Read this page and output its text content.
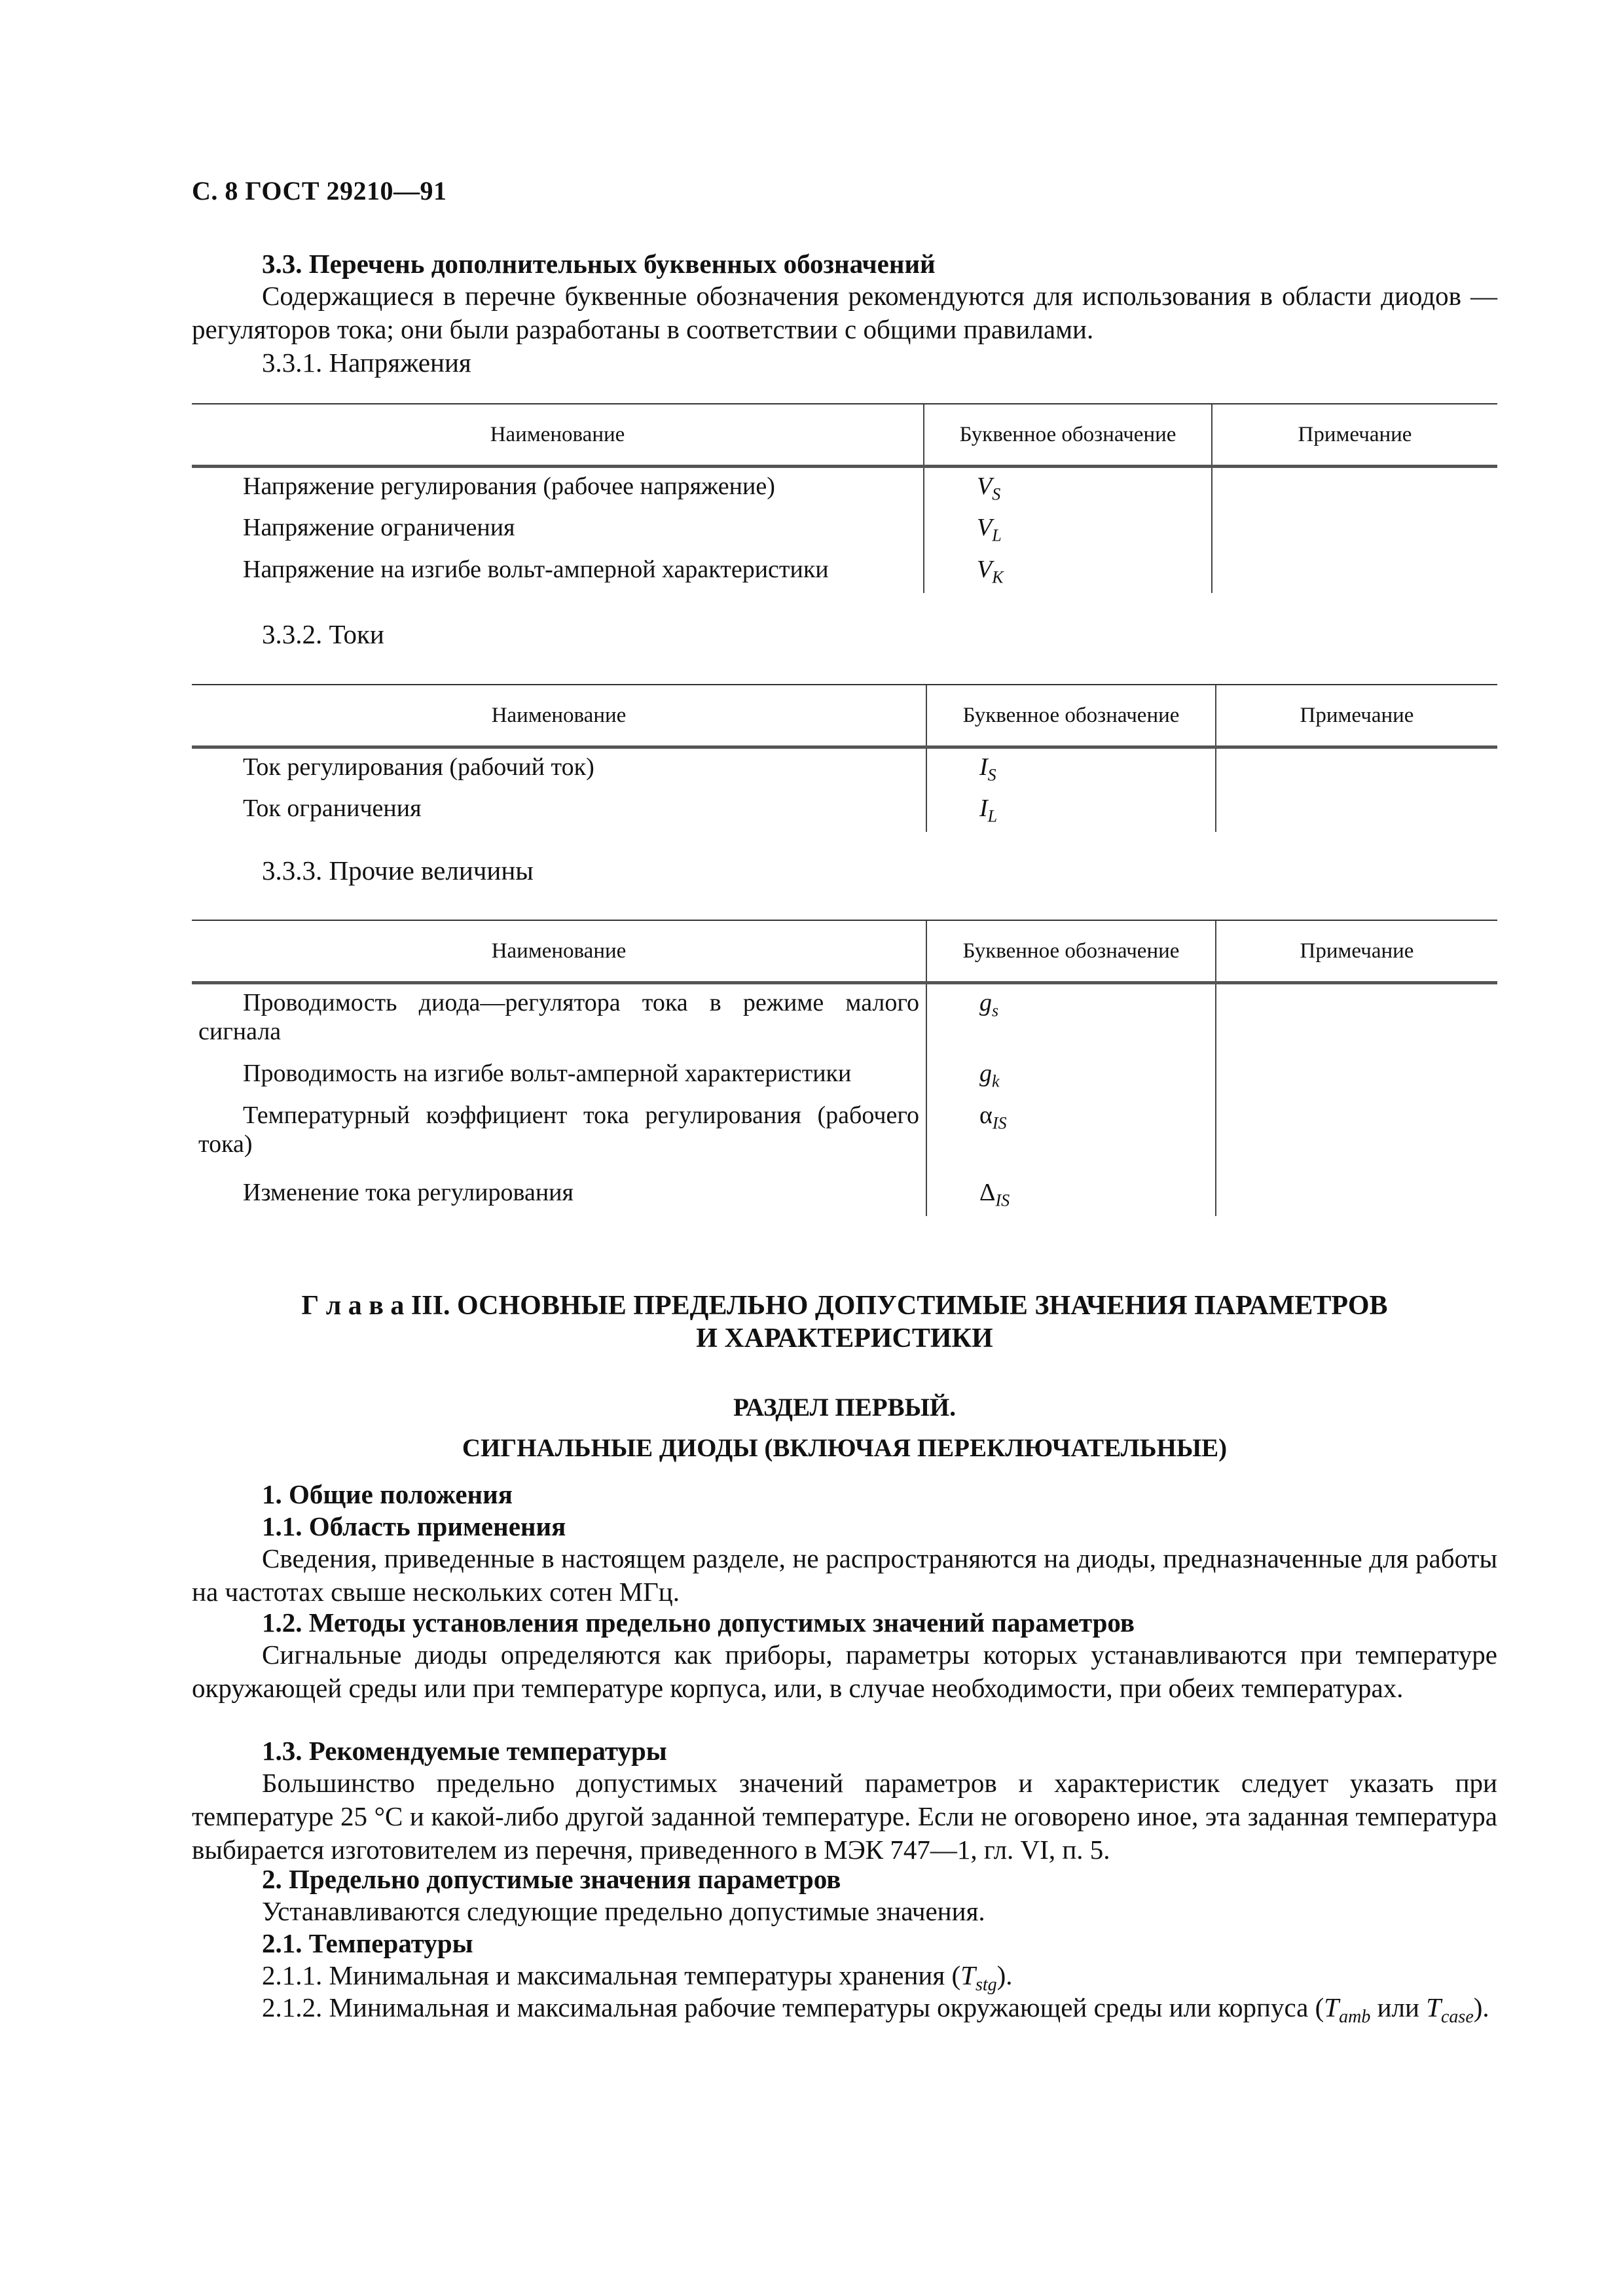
С. 8 ГОСТ 29210—91
3.3. Перечень дополнительных буквенных обозначений
Содержащиеся в перечне буквенные обозначения рекомендуются для использования в области диодов — регуляторов тока; они были разработаны в соответствии с общими правилами.
3.3.1. Напряжения
Наименование	Буквенное обозначение	Примечание
Напряжение регулирования (рабочее напряжение)	$V_S$	
Напряжение ограничения	$V_L$	
Напряжение на изгибе вольт-амперной характеристики	$V_K$	
3.3.2. Токи
Наименование	Буквенное обозначение	Примечание
Ток регулирования (рабочий ток)	$I_S$	
Ток ограничения	$I_L$	
3.3.3. Прочие величины
Наименование	Буквенное обозначение	Примечание
Проводимость диода—регулятора тока в режиме малого сигнала	$g_s$	
Проводимость на изгибе вольт-амперной характеристики	$g_k$	
Температурный коэффициент тока регулирования (рабочего тока)	$\alpha_{IS}$	
Изменение тока регулирования	$\Delta_{IS}$	
Г л а в а III. ОСНОВНЫЕ ПРЕДЕЛЬНО ДОПУСТИМЫЕ ЗНАЧЕНИЯ ПАРАМЕТРОВ
И ХАРАКТЕРИСТИКИ
РАЗДЕЛ ПЕРВЫЙ.
СИГНАЛЬНЫЕ ДИОДЫ (ВКЛЮЧАЯ ПЕРЕКЛЮЧАТЕЛЬНЫЕ)
1. Общие положения
1.1. Область применения
Сведения, приведенные в настоящем разделе, не распространяются на диоды, предназначенные для работы на частотах свыше нескольких сотен МГц.
1.2. Методы установления предельно допустимых значений параметров
Сигнальные диоды определяются как приборы, параметры которых устанавливаются при температуре окружающей среды или при температуре корпуса, или, в случае необходимости, при обеих температурах.
1.3. Рекомендуемые температуры
Большинство предельно допустимых значений параметров и характеристик следует указать при температуре 25 °С и какой-либо другой заданной температуре. Если не оговорено иное, эта заданная температура выбирается изготовителем из перечня, приведенного в МЭК 747—1, гл. VI, п. 5.
2. Предельно допустимые значения параметров
Устанавливаются следующие предельно допустимые значения.
2.1. Температуры
2.1.1. Минимальная и максимальная температуры хранения $(T_{stg})$.
2.1.2. Минимальная и максимальная рабочие температуры окружающей среды или корпуса ($T_{amb}$ или $T_{case}$).
